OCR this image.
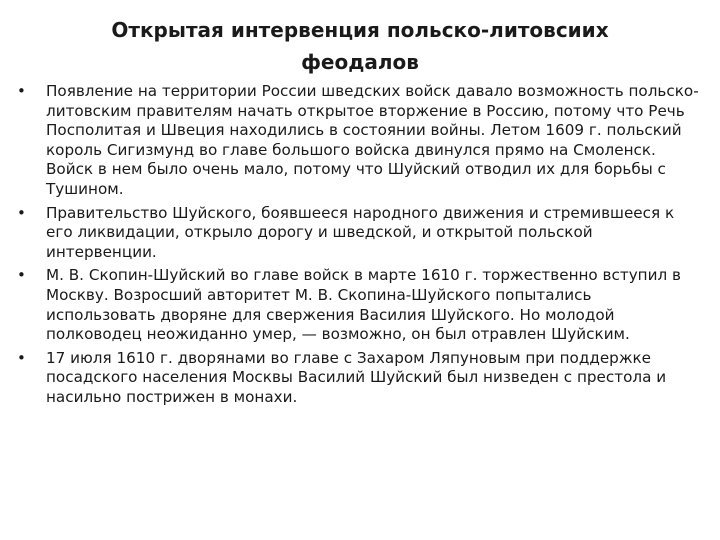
Открытая интервенция польско-литовсиих феодалов
• Появление на территории России шведских войск давало возможность польско- литовским правителям начать открытое вторжение в Россию, потому что Речь Посполитая и Швеция находились в состоянии войны. Летом 1609 г. польский король Сигизмунд во главе большого войска двинулся прямо на Смоленск. Войск в нем было очень мало, потому что Шуйский отводил их для борьбы с Тушином.
• Правительство Шуйского, боявшееся народного движения и стремившееся к его ликвидации, открыло дорогу и шведской, и открытой польской интервенции.
• М. В. Скопин-Шуйский во главе войск в марте 1610 г. торжественно вступил в Москву. Возросший авторитет М. В. Скопина-Шуйского попытались использовать дворяне для свержения Василия Шуйского. Но молодой полководец неожиданно умер, — возможно, он был отравлен Шуйским.
• 17 июля 1610 г. дворянами во главе с Захаром Ляпуновым при поддержке посадского населения Москвы Василий Шуйский был низведен с престола и насильно пострижен в монахи.
